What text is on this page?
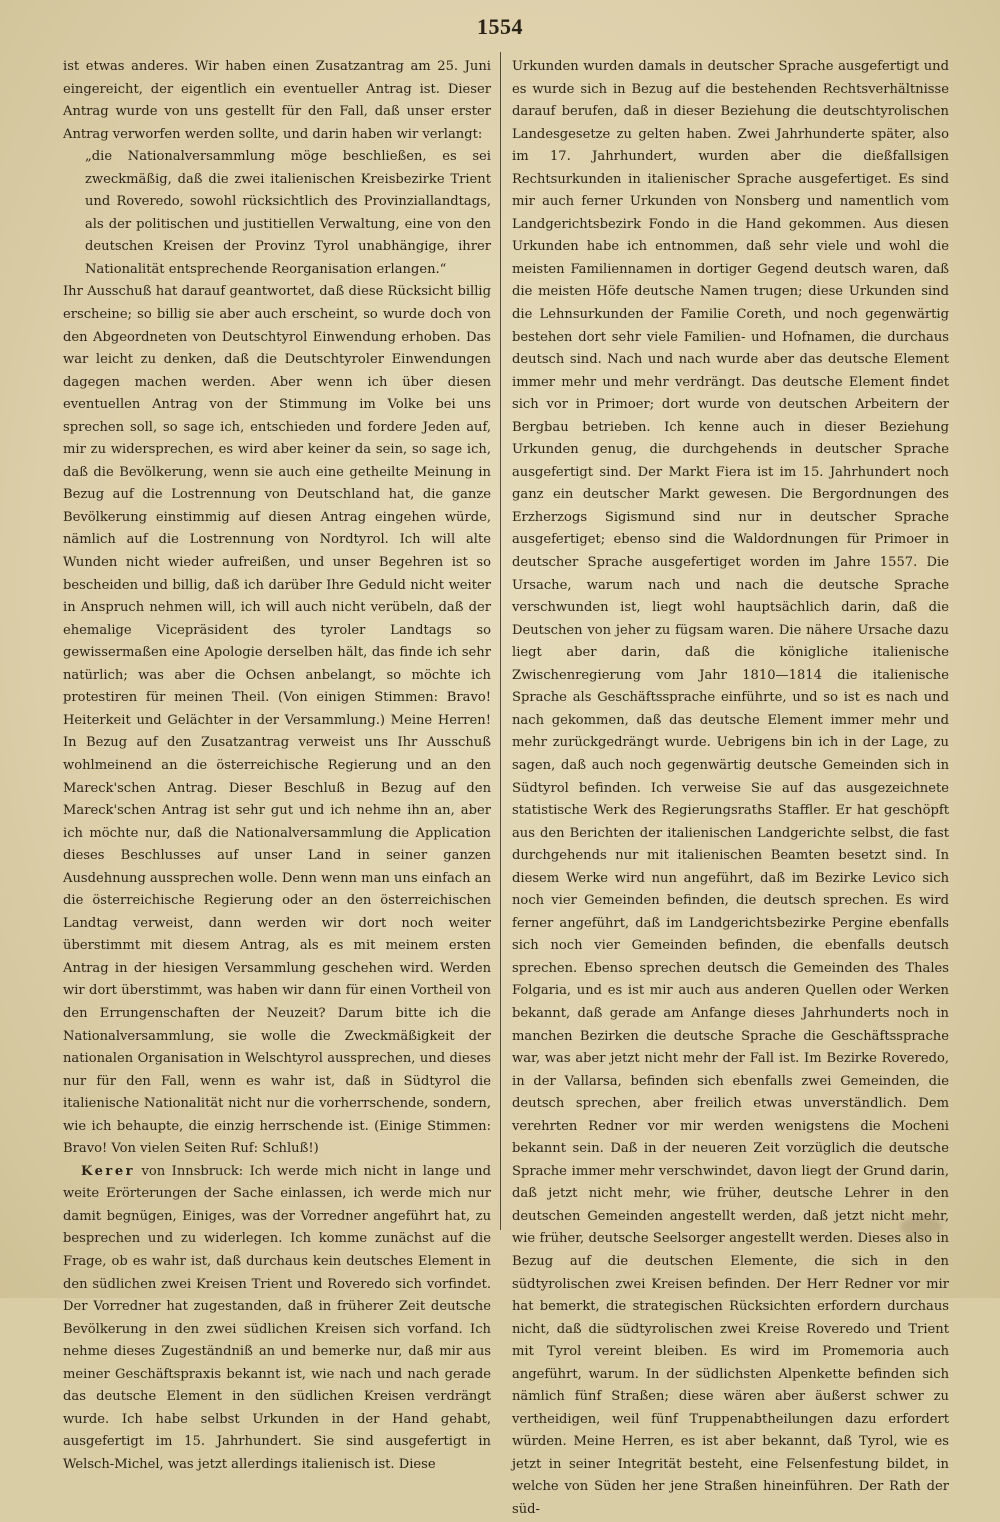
1554

ist etwas anderes. Wir haben einen Zusatzantrag am 25. Juni eingereicht, der eigentlich ein eventueller Antrag ist. Dieser Antrag wurde von uns gestellt für den Fall, daß unser erster Antrag verworfen werden sollte, und darin haben wir verlangt:

„die Nationalversammlung möge beschließen, es sei zweckmäßig, daß die zwei italienischen Kreisbezirke Trient und Roveredo, sowohl rücksichtlich des Provinziallandtags, als der politischen und justitiellen Verwaltung, eine von den deutschen Kreisen der Provinz Tyrol unabhängige, ihrer Nationalität entsprechende Reorganisation erlangen.“

Ihr Ausschuß hat darauf geantwortet, daß diese Rücksicht billig erscheine; so billig sie aber auch erscheint, so wurde doch von den Abgeordneten von Deutschtyrol Einwendung erhoben. Das war leicht zu denken, daß die Deutschtyroler Einwendungen dagegen machen werden. Aber wenn ich über diesen eventuellen Antrag von der Stimmung im Volke bei uns sprechen soll, so sage ich, entschieden und fordere Jeden auf, mir zu widersprechen, es wird aber keiner da sein, so sage ich, daß die Bevölkerung, wenn sie auch eine getheilte Meinung in Bezug auf die Lostrennung von Deutschland hat, die ganze Bevölkerung einstimmig auf diesen Antrag eingehen würde, nämlich auf die Lostrennung von Nordtyrol. Ich will alte Wunden nicht wieder aufreißen, und unser Begehren ist so bescheiden und billig, daß ich darüber Ihre Geduld nicht weiter in Anspruch nehmen will, ich will auch nicht verübeln, daß der ehemalige Vicepräsident des tyroler Landtags so gewissermaßen eine Apologie derselben hält, das finde ich sehr natürlich; was aber die Ochsen anbelangt, so möchte ich protestiren für meinen Theil. (Von einigen Stimmen: Bravo! Heiterkeit und Gelächter in der Versammlung.) Meine Herren! In Bezug auf den Zusatzantrag verweist uns Ihr Ausschuß wohlmeinend an die österreichische Regierung und an den Mareck'schen Antrag. Dieser Beschluß in Bezug auf den Mareck'schen Antrag ist sehr gut und ich nehme ihn an, aber ich möchte nur, daß die Nationalversammlung die Application dieses Beschlusses auf unser Land in seiner ganzen Ausdehnung aussprechen wolle. Denn wenn man uns einfach an die österreichische Regierung oder an den österreichischen Landtag verweist, dann werden wir dort noch weiter überstimmt mit diesem Antrag, als es mit meinem ersten Antrag in der hiesigen Versammlung geschehen wird. Werden wir dort überstimmt, was haben wir dann für einen Vortheil von den Errungenschaften der Neuzeit? Darum bitte ich die Nationalversammlung, sie wolle die Zweckmäßigkeit der nationalen Organisation in Welschtyrol aussprechen, und dieses nur für den Fall, wenn es wahr ist, daß in Südtyrol die italienische Nationalität nicht nur die vorherrschende, sondern, wie ich behaupte, die einzig herrschende ist. (Einige Stimmen: Bravo! Von vielen Seiten Ruf: Schluß!)

Kerer von Innsbruck: Ich werde mich nicht in lange und weite Erörterungen der Sache einlassen, ich werde mich nur damit begnügen, Einiges, was der Vorredner angeführt hat, zu besprechen und zu widerlegen. Ich komme zunächst auf die Frage, ob es wahr ist, daß durchaus kein deutsches Element in den südlichen zwei Kreisen Trient und Roveredo sich vorfindet. Der Vorredner hat zugestanden, daß in früherer Zeit deutsche Bevölkerung in den zwei südlichen Kreisen sich vorfand. Ich nehme dieses Zugeständniß an und bemerke nur, daß mir aus meiner Geschäftspraxis bekannt ist, wie nach und nach gerade das deutsche Element in den südlichen Kreisen verdrängt wurde. Ich habe selbst Urkunden in der Hand gehabt, ausgefertigt im 15. Jahrhundert. Sie sind ausgefertigt in Welsch-Michel, was jetzt allerdings italienisch ist. Diese

Urkunden wurden damals in deutscher Sprache ausgefertigt und es wurde sich in Bezug auf die bestehenden Rechtsverhältnisse darauf berufen, daß in dieser Beziehung die deutschtyrolischen Landesgesetze zu gelten haben. Zwei Jahrhunderte später, also im 17. Jahrhundert, wurden aber die dießfallsigen Rechtsurkunden in italienischer Sprache ausgefertiget. Es sind mir auch ferner Urkunden von Nonsberg und namentlich vom Landgerichtsbezirk Fondo in die Hand gekommen. Aus diesen Urkunden habe ich entnommen, daß sehr viele und wohl die meisten Familiennamen in dortiger Gegend deutsch waren, daß die meisten Höfe deutsche Namen trugen; diese Urkunden sind die Lehnsurkunden der Familie Coreth, und noch gegenwärtig bestehen dort sehr viele Familien- und Hofnamen, die durchaus deutsch sind. Nach und nach wurde aber das deutsche Element immer mehr und mehr verdrängt. Das deutsche Element findet sich vor in Primoer; dort wurde von deutschen Arbeitern der Bergbau betrieben. Ich kenne auch in dieser Beziehung Urkunden genug, die durchgehends in deutscher Sprache ausgefertigt sind. Der Markt Fiera ist im 15. Jahrhundert noch ganz ein deutscher Markt gewesen. Die Bergordnungen des Erzherzogs Sigismund sind nur in deutscher Sprache ausgefertiget; ebenso sind die Waldordnungen für Primoer in deutscher Sprache ausgefertiget worden im Jahre 1557. Die Ursache, warum nach und nach die deutsche Sprache verschwunden ist, liegt wohl hauptsächlich darin, daß die Deutschen von jeher zu fügsam waren. Die nähere Ursache dazu liegt aber darin, daß die königliche italienische Zwischenregierung vom Jahr 1810—1814 die italienische Sprache als Geschäftssprache einführte, und so ist es nach und nach gekommen, daß das deutsche Element immer mehr und mehr zurückgedrängt wurde. Uebrigens bin ich in der Lage, zu sagen, daß auch noch gegenwärtig deutsche Gemeinden sich in Südtyrol befinden. Ich verweise Sie auf das ausgezeichnete statistische Werk des Regierungsraths Staffler. Er hat geschöpft aus den Berichten der italienischen Landgerichte selbst, die fast durchgehends nur mit italienischen Beamten besetzt sind. In diesem Werke wird nun angeführt, daß im Bezirke Levico sich noch vier Gemeinden befinden, die deutsch sprechen. Es wird ferner angeführt, daß im Landgerichtsbezirke Pergine ebenfalls sich noch vier Gemeinden befinden, die ebenfalls deutsch sprechen. Ebenso sprechen deutsch die Gemeinden des Thales Folgaria, und es ist mir auch aus anderen Quellen oder Werken bekannt, daß gerade am Anfange dieses Jahrhunderts noch in manchen Bezirken die deutsche Sprache die Geschäftssprache war, was aber jetzt nicht mehr der Fall ist. Im Bezirke Roveredo, in der Vallarsa, befinden sich ebenfalls zwei Gemeinden, die deutsch sprechen, aber freilich etwas unverständlich. Dem verehrten Redner vor mir werden wenigstens die Mocheni bekannt sein. Daß in der neueren Zeit vorzüglich die deutsche Sprache immer mehr verschwindet, davon liegt der Grund darin, daß jetzt nicht mehr, wie früher, deutsche Lehrer in den deutschen Gemeinden angestellt werden, daß jetzt nicht mehr, wie früher, deutsche Seelsorger angestellt werden. Dieses also in Bezug auf die deutschen Elemente, die sich in den südtyrolischen zwei Kreisen befinden. Der Herr Redner vor mir hat bemerkt, die strategischen Rücksichten erfordern durchaus nicht, daß die südtyrolischen zwei Kreise Roveredo und Trient mit Tyrol vereint bleiben. Es wird im Promemoria auch angeführt, warum. In der südlichsten Alpenkette befinden sich nämlich fünf Straßen; diese wären aber äußerst schwer zu vertheidigen, weil fünf Truppenabtheilungen dazu erfordert würden. Meine Herren, es ist aber bekannt, daß Tyrol, wie es jetzt in seiner Integrität besteht, eine Felsenfestung bildet, in welche von Süden her jene Straßen hineinführen. Der Rath der süd-
